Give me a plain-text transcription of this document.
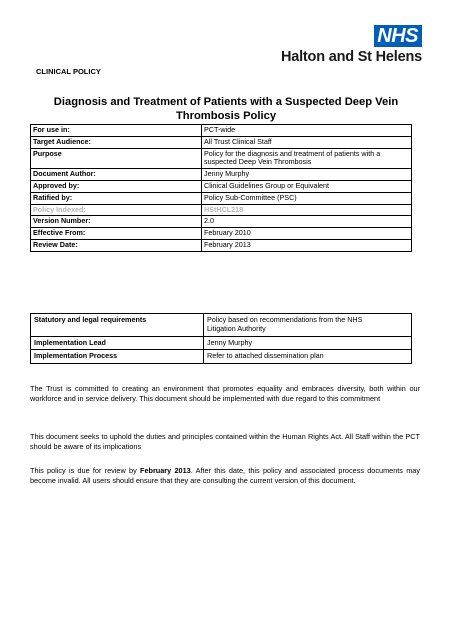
NHS
Halton and St Helens
CLINICAL POLICY
Diagnosis and Treatment of Patients with a Suspected Deep Vein Thrombosis Policy
For use in:	PCT-wide
Target Audience:	All Trust Clinical Staff
Purpose	Policy for the diagnosis and treatment of patients with a suspected Deep Vein Thrombosis
Document Author:	Jenny Murphy
Approved by:	Clinical Guidelines Group or Equivalent
Ratified by:	Policy Sub-Committee (PSC)
Policy Indexed:	HStHCL218
Version Number:	2.0
Effective From:	February 2010
Review Date:	February 2013
Statutory and legal requirements	Policy based on recommendations from the NHS Litigation Authority
Implementation Lead	Jenny Murphy
Implementation Process	Refer to attached dissemination plan
The Trust is committed to creating an environment that promotes equality and embraces diversity, both within our workforce and in service delivery. This document should be implemented with due regard to this commitment
This document seeks to uphold the duties and principles contained within the Human Rights Act. All Staff within the PCT should be aware of its implications
This policy is due for review by February 2013. After this date, this policy and associated process documents may become invalid. All users should ensure that they are consulting the current version of this document.
